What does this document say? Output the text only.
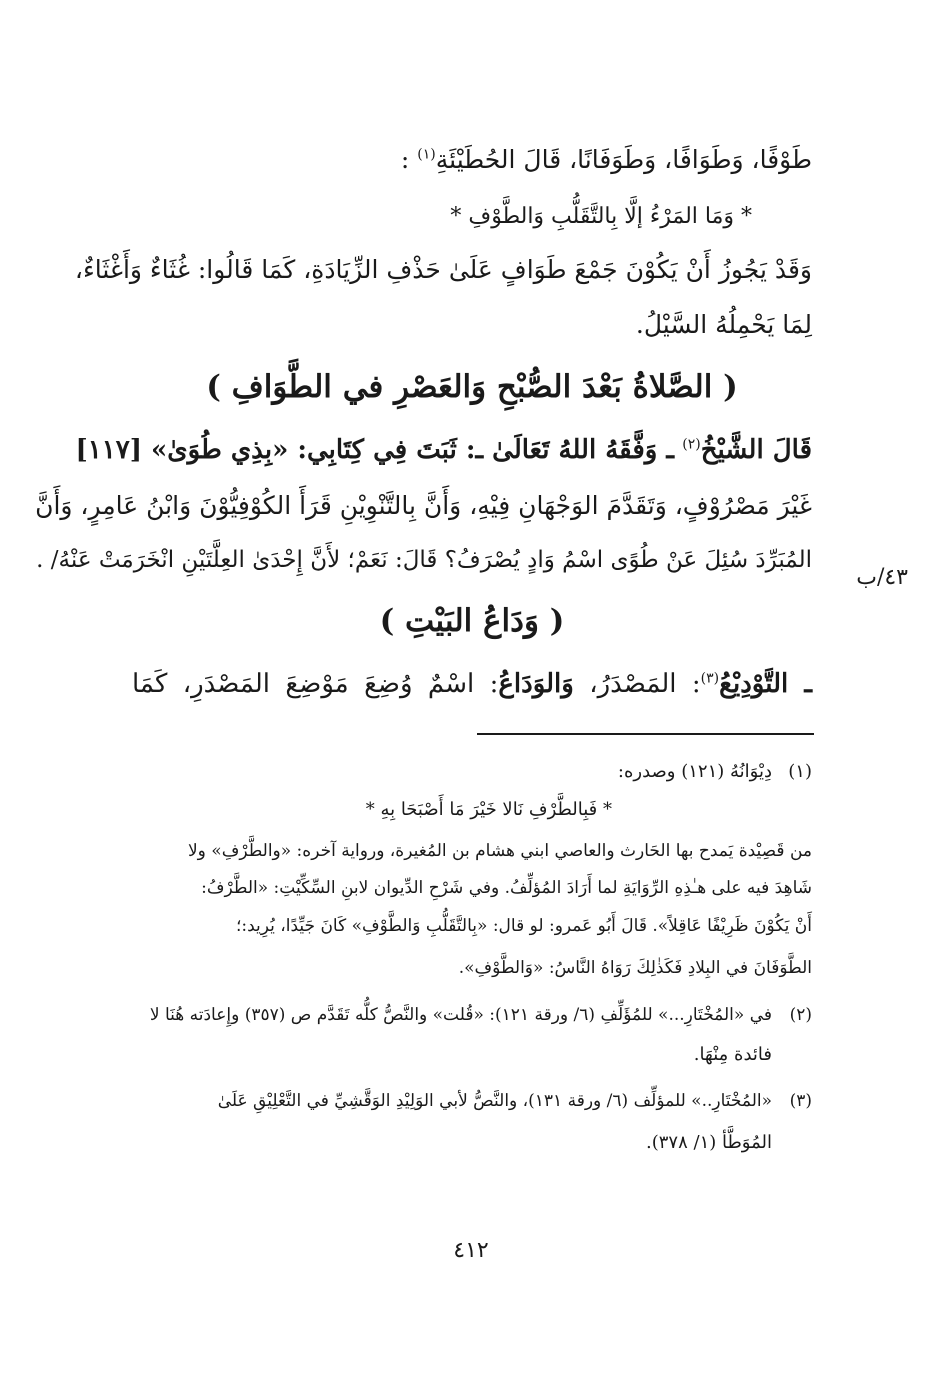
طَوْفًا، وَطَوَافًا، وَطَوَفَانًا، قَالَ الحُطَيْئَةِ$^{(١)}$ :
* وَمَا المَرْءُ إلَّا بِالتَّقَلُّبِ وَالطَّوْفِ *
وَقَدْ يَجُوزُ أَنْ يَكُوْنَ جَمْعَ طَوَافٍ عَلَىٰ حَذْفِ الزِّيَادَةِ، كَمَا قَالُوا: غُثَاءٌ وَأَغْثَاءٌ،
لِمَا يَحْمِلُهُ السَّيْلُ.
( الصَّلاةُ بَعْدَ الصُّبْحِ وَالعَصْرِ في الطَّوَافِ )
قَالَ الشَّيْخُ$^{(٢)}$ ـ وَفَّقَهُ اللهُ تَعَالَىٰ ـ: ثَبَتَ فِي كِتَابِي: «بِذِي طُوَىٰ» [١١٧]
غَيْرَ مَصْرُوْفٍ، وَتَقَدَّمَ الوَجْهَانِ فِيْهِ، وَأَنَّ بِالتَّنْوِيْنِ قَرَأَ الكُوْفِيُّوْنَ وَابْنُ عَامِرٍ، وَأَنَّ
المُبَرِّدَ سُئِلَ عَنْ طُوًى اسْمُ وَادٍ يُصْرَفُ؟ قَالَ: نَعَمْ؛ لأَنَّ إِحْدَىٰ العِلَّتَيْنِ انْخَرَمَتْ عَنْهُ/ .
٤٣/ب
( وَدَاعُ البَيْتِ )
ـ التَّوْدِيْعُ$^{(٣)}$: المَصْدَرُ، وَالوَدَاعُ: اسْمٌ وُضِعَ مَوْضِعَ المَصْدَرِ، كَمَا
(١)دِيْوَانُهُ (١٢١) وصدره:
* فَبِالطَّرْفِ نَالا خَيْرَ مَا أَصْبَحَا بِهِ *
من قَصِيْدة يَمدح بها الحَارث والعاصي ابني هشام بن المُغيرة، ورواية آخره: «والطَّرْفِ» ولا
شَاهِدَ فيه على هـٰذِهِ الرِّوَايَةِ لما أَرَادَ المُؤلِّفُ. وفي شَرْحِ الدِّيوان لابنِ السِّكِّيْتِ: «الطَّرْفُ:
أَنْ يَكُوْنَ ظَرِيْفًا عَاقِلاً». قَالَ أَبُو عَمرو: لو قال: «بِالتَّقَلُّبِ وَالطَّوْفِ» كَانَ جَيِّدًا، يُرِيد:؛
الطَّوَفَانَ في البِلادِ فَكَذٰلِكَ رَوَاهُ النَّاسُ: «وَالطَّوْفِ».
(٢)في «المُخْتَارِ...» للمُؤَلِّفِ (٦/ ورقة ١٢١): «قُلت» والنَّصُّ كلُّه تَقَدَّم ص (٣٥٧) وإِعادَته هُنَا لا
فائدة مِنْهَا.
(٣)«المُخْتَارِ..» للمؤلِّف (٦/ ورقة ١٣١)، والنَّصُّ لأبي الوَلِيْدِ الوَقَّشِيِّ في التَّعْلِيْقِ عَلَىٰ
المُوَطَّأ (١/ ٣٧٨).
٤١٢
